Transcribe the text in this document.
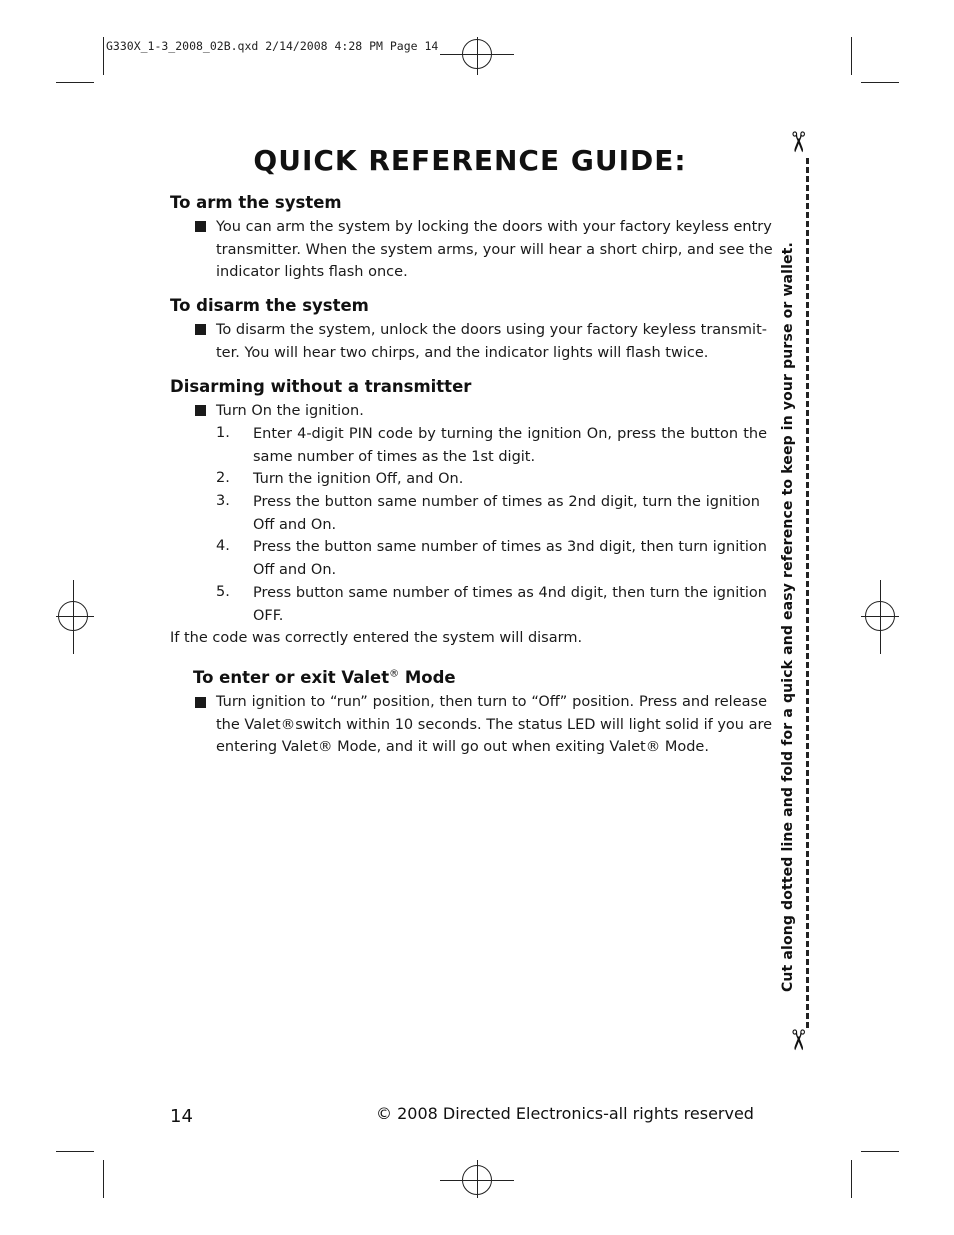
G330X_1-3_2008_02B.qxd 2/14/2008 4:28 PM Page 14
QUICK REFERENCE GUIDE:
To arm the system
You can arm the system by locking the doors with your factory keyless entry
transmitter. When the system arms, your will hear a short chirp, and see the
indicator lights flash once.
To disarm the system
To disarm the system, unlock the doors using your factory keyless transmit-
ter. You will hear two chirps, and the indicator lights will flash twice.
Disarming without a transmitter
Turn On the ignition.
1. Enter 4-digit PIN code by turning the ignition On, press the button the
same number of times as the 1st digit.
2. Turn the ignition Off, and On.
3. Press the button same number of times as 2nd digit, turn the ignition
Off and On.
4. Press the button same number of times as 3nd digit, then turn ignition
Off and On.
5. Press button same number of times as 4nd digit, then turn the ignition
OFF.
If the code was correctly entered the system will disarm.
To enter or exit Valet® Mode
Turn ignition to “run” position, then turn to “Off” position. Press and release
the Valet®switch within 10 seconds. The status LED will light solid if you are
entering Valet® Mode, and it will go out when exiting Valet® Mode.
✂
✂
Cut along dotted line and fold for a quick and easy reference to keep in your purse or wallet.
14	© 2008 Directed Electronics-all rights reserved
